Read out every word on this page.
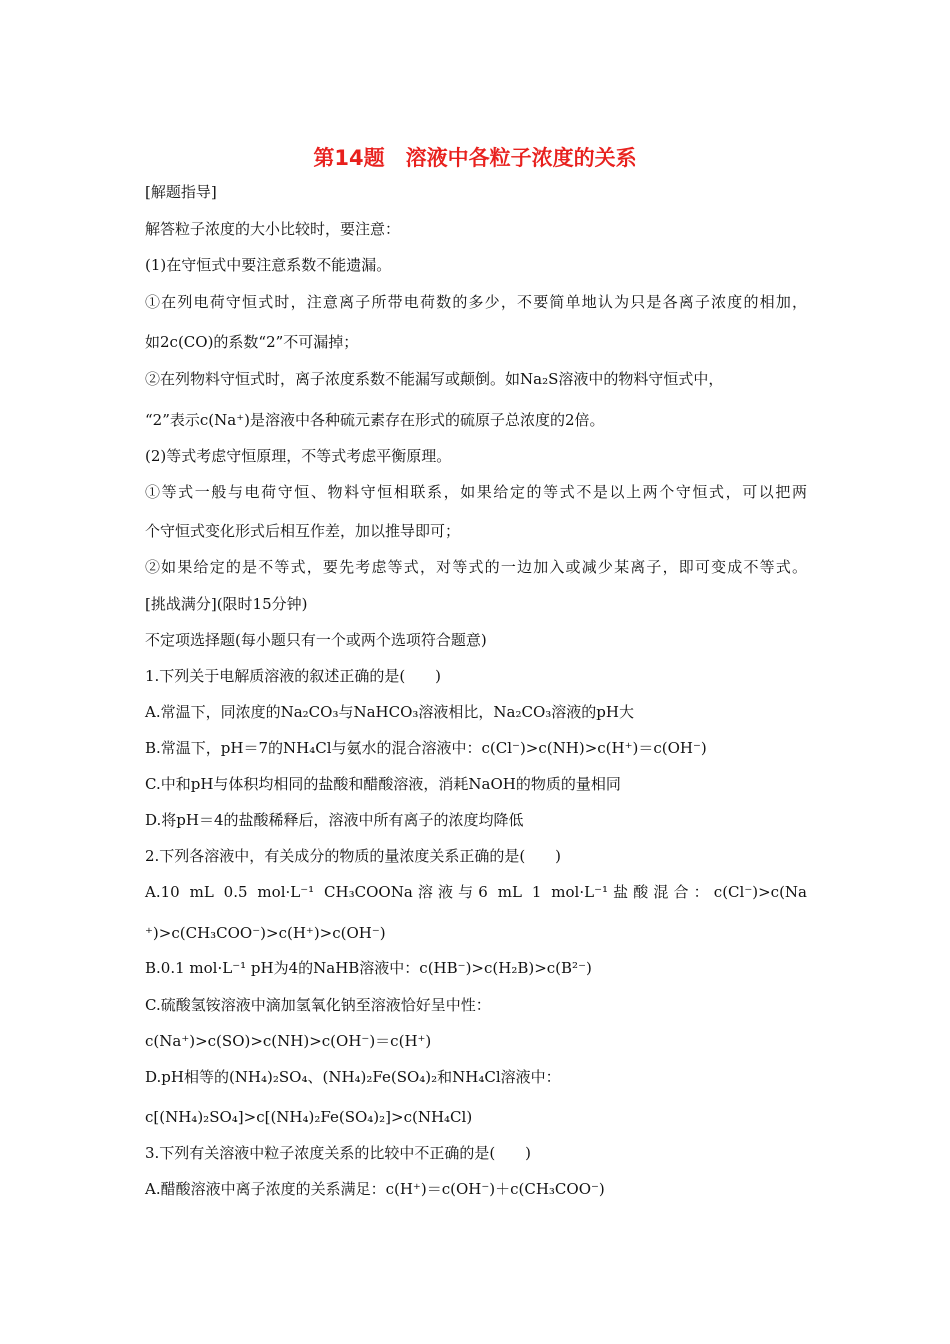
第14题　溶液中各粒子浓度的关系
[解题指导]
解答粒子浓度的大小比较时，要注意：
(1)在守恒式中要注意系数不能遗漏。
①在列电荷守恒式时，注意离子所带电荷数的多少，不要简单地认为只是各离子浓度的相加，
如2c(CO)的系数“2”不可漏掉；
②在列物料守恒式时，离子浓度系数不能漏写或颠倒。如Na₂S溶液中的物料守恒式中，
“2”表示c(Na⁺)是溶液中各种硫元素存在形式的硫原子总浓度的2倍。
(2)等式考虑守恒原理，不等式考虑平衡原理。
①等式一般与电荷守恒、物料守恒相联系，如果给定的等式不是以上两个守恒式，可以把两
个守恒式变化形式后相互作差，加以推导即可；
②如果给定的是不等式，要先考虑等式，对等式的一边加入或减少某离子，即可变成不等式。
[挑战满分](限时15分钟)
不定项选择题(每小题只有一个或两个选项符合题意)
1.下列关于电解质溶液的叙述正确的是(　　)
A.常温下，同浓度的Na₂CO₃与NaHCO₃溶液相比，Na₂CO₃溶液的pH大
B.常温下，pH＝7的NH₄Cl与氨水的混合溶液中：c(Cl⁻)>c(NH)>c(H⁺)＝c(OH⁻)
C.中和pH与体积均相同的盐酸和醋酸溶液，消耗NaOH的物质的量相同
D.将pH＝4的盐酸稀释后，溶液中所有离子的浓度均降低
2.下列各溶液中，有关成分的物质的量浓度关系正确的是(　　)
A.10 mL 0.5 mol·L⁻¹ CH₃COONa溶液与6 mL 1 mol·L⁻¹盐酸混合：c(Cl⁻)>c(Na
⁺)>c(CH₃COO⁻)>c(H⁺)>c(OH⁻)
B.0.1 mol·L⁻¹ pH为4的NaHB溶液中：c(HB⁻)>c(H₂B)>c(B²⁻)
C.硫酸氢铵溶液中滴加氢氧化钠至溶液恰好呈中性：
c(Na⁺)>c(SO)>c(NH)>c(OH⁻)＝c(H⁺)
D.pH相等的(NH₄)₂SO₄、(NH₄)₂Fe(SO₄)₂和NH₄Cl溶液中：
c[(NH₄)₂SO₄]>c[(NH₄)₂Fe(SO₄)₂]>c(NH₄Cl)
3.下列有关溶液中粒子浓度关系的比较中不正确的是(　　)
A.醋酸溶液中离子浓度的关系满足：c(H⁺)＝c(OH⁻)＋c(CH₃COO⁻)
